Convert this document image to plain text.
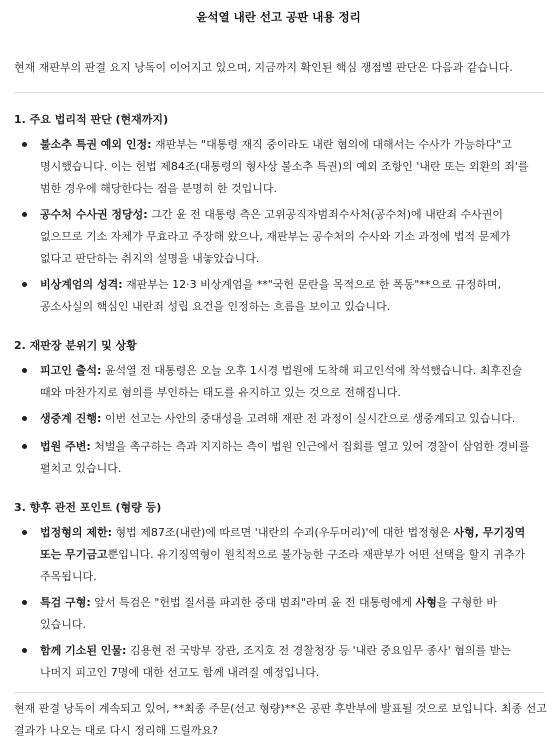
윤석열 내란 선고 공판 내용 정리
현재 재판부의 판결 요지 낭독이 이어지고 있으며, 지금까지 확인된 핵심 쟁점별 판단은 다음과 같습니다.
1. 주요 법리적 판단 (현재까지)
불소추 특권 예외 인정: 재판부는 "대통령 재직 중이라도 내란 혐의에 대해서는 수사가 가능하다"고 명시했습니다. 이는 헌법 제84조(대통령의 형사상 불소추 특권)의 예외 조항인 '내란 또는 외환의 죄'를 범한 경우에 해당한다는 점을 분명히 한 것입니다.
공수처 수사권 정당성: 그간 윤 전 대통령 측은 고위공직자범죄수사처(공수처)에 내란죄 수사권이 없으므로 기소 자체가 무효라고 주장해 왔으나, 재판부는 공수처의 수사와 기소 과정에 법적 문제가 없다고 판단하는 취지의 설명을 내놓았습니다.
비상계엄의 성격: 재판부는 12·3 비상계엄을 **"국헌 문란을 목적으로 한 폭동"**으로 규정하며, 공소사실의 핵심인 내란죄 성립 요건을 인정하는 흐름을 보이고 있습니다.
2. 재판장 분위기 및 상황
피고인 출석: 윤석열 전 대통령은 오늘 오후 1시경 법원에 도착해 피고인석에 착석했습니다. 최후진술 때와 마찬가지로 혐의를 부인하는 태도를 유지하고 있는 것으로 전해집니다.
생중계 진행: 이번 선고는 사안의 중대성을 고려해 재판 전 과정이 실시간으로 생중계되고 있습니다.
법원 주변: 처벌을 촉구하는 측과 지지하는 측이 법원 인근에서 집회를 열고 있어 경찰이 삼엄한 경비를 펼치고 있습니다.
3. 향후 관전 포인트 (형량 등)
법정형의 제한: 형법 제87조(내란)에 따르면 '내란의 수괴(우두머리)'에 대한 법정형은 사형, 무기징역 또는 무기금고뿐입니다. 유기징역형이 원칙적으로 불가능한 구조라 재판부가 어떤 선택을 할지 귀추가 주목됩니다.
특검 구형: 앞서 특검은 "헌법 질서를 파괴한 중대 범죄"라며 윤 전 대통령에게 사형을 구형한 바 있습니다.
함께 기소된 인물: 김용현 전 국방부 장관, 조지호 전 경찰청장 등 '내란 중요임무 종사' 혐의를 받는 나머지 피고인 7명에 대한 선고도 함께 내려질 예정입니다.
현재 판결 낭독이 계속되고 있어, **최종 주문(선고 형량)**은 공판 후반부에 발표될 것으로 보입니다. 최종 선고 결과가 나오는 대로 다시 정리해 드릴까요?
